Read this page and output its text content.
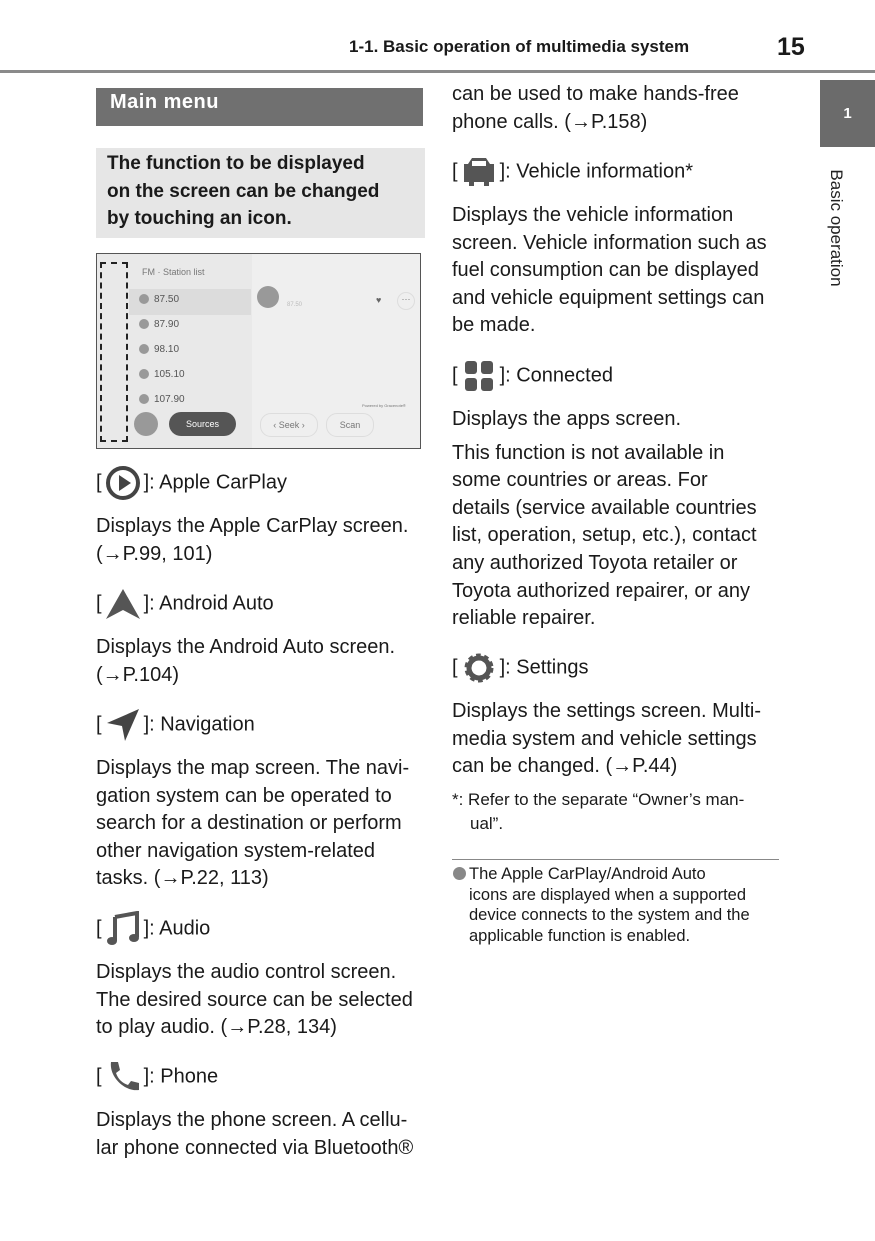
1-1. Basic operation of multimedia system	15
1
Basic operation
Main menu
The function to be displayed
on the screen can be changed
by touching an icon.
FM · Station list
87.50
87.90
98.10
105.10
107.90
87.50	♥	···
Powered by Gracenote®
Sources	‹ Seek ›	Scan
[ ]: Apple CarPlay
Displays the Apple CarPlay screen.
(→P.99, 101)
[ ]: Android Auto
Displays the Android Auto screen.
(→P.104)
[ ]: Navigation
Displays the map screen. The navi-
gation system can be operated to
search for a destination or perform
other navigation system-related
tasks. (→P.22, 113)
[ ]: Audio
Displays the audio control screen.
The desired source can be selected
to play audio. (→P.28, 134)
[ ]: Phone
Displays the phone screen. A cellu-
lar phone connected via Bluetooth®
can be used to make hands-free
phone calls. (→P.158)
[ ]: Vehicle information*
Displays the vehicle information
screen. Vehicle information such as
fuel consumption can be displayed
and vehicle equipment settings can
be made.
[ ]: Connected
Displays the apps screen.
This function is not available in
some countries or areas. For
details (service available countries
list, operation, setup, etc.), contact
any authorized Toyota retailer or
Toyota authorized repairer, or any
reliable repairer.
[ ]: Settings
Displays the settings screen. Multi-
media system and vehicle settings
can be changed. (→P.44)
*: Refer to the separate “Owner’s man-
ual”.
The Apple CarPlay/Android Auto
icons are displayed when a supported
device connects to the system and the
applicable function is enabled.
